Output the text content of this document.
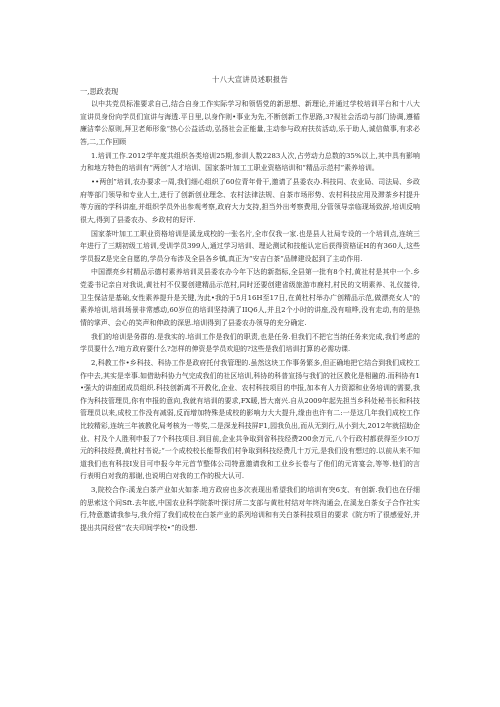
十八大宣讲员述职报告
一,思政表现

以中共党员标准要求自己,结合自身工作实际学习和领悟党的新思想、新理论,并通过学校培训平台和十八大宣讲员身份向学员们宣讲与海透.平日里,以身作则•事业为先,不断创新工作思路,3?视社会活动与部门协调,遵循廉洁奉公原则,拜卫老师形象“热心公益活动,弘扬社会正能量,主动参与政府扶贫活动,乐于助人,诚信做事,有求必答,二,工作回顾

1.培训工作.2012学年度共组织各类培训25期,参训人数2283人次,占劳动力总数的35%以上,其中具有影响力和地方特色的培训有“两创”人才培训、国家茶叶加工工职业资格培训和“精品示范村”素养培训。

••两创”培训,农办要求一周,我们细心组织了60位青年骨干,邀请了县委农办.科技同、农业局、司法局、乡政府等部门领导和专业人士,进行了创新创业理念、农村法律法规、自茶市场形势、农村科技应用及滞茶乡村提升等方面的学科讲座,并组织学员外出参观考察,政府大力支持,担当外出考察费用,分管领导亲临现场致辞,培训反响很大,得到了县委农办、乡政村的好评.

国家茶叶加工工职业资格培训是溪龙成校的一张名片,全市仅我一家.也是县人社局专设的一个培训点,连统三年进行了三期初级工培训,受训学员399人,通过学习培训、理论测试和技能认定后获得资格证H的有360人,这些学员报Z是完全自愿的,学员分布涉及全县各乡镇,真正为“安吉白茶”品牌建设起到了主动作用.

中国漂亮乡村精品示德村素养培训灵县委农办今年下达的新指标,全县第一批有8个村,黄社村是其中一个.乡党委书记亲自对我说,黄社村不仅要创建精品示范村,同时还要创建省级旅游市鹿村,村民的文明素养、礼仪接待,卫生保洁是基础,女性素养提升是关键,为此•我的于5月16H至17日,在黄杜村举办广创精品示范,做漂亮女人”的素养培训,培训场景非常感动,60岁位的培训坚持满了IIQ6人,并且2个小时的讲座,没有喧哗,没有走动,有的是热情的掌声、会心的笑声和伸政的深思.培训得到了县委农办领导的充分确定.

我们的培训是务群的.是我实的.培训工作是我们的职责,也是任务.但我们不把它当纳任务来完成,我们考虑的学员要什么?地方政府要什么?怎样的伸资是学员欢迎的?这些是我们培训打算的必需功课.

2,科教工作•乡科技、科协工作是政府托付我管理的.虽然这块工作事务繁多,但正确地把它结合到我们成校工作中去,其实是幸事.如借助科协力气完成我们的社区培训,科协的科普宣扬与我们的社区教化是相融的.而科协有1•强大的讲座团成员组织.科技创新离不开教化,企业、农村科技项目的申报,加本有人力资源和业务培训的需要,我作为科技管理员,你有申报的意向,我就有培训的要求,FX暖,皆大南兴.自从2009年起先担当乡科处秘书长和科技管理员以来,成校工作没有减弱,反而增加特殊是成校的影响力大大提升,缘由也许有二:一是这几年我们成校工作比较精彩,连统三年被教化局考核为一等奖,二是深龙科技屏F1,园我负出,而从无到行,从小到大,2012年就招助企业、村及个人胜利申报了7个科技项目.到目前,企业共争取到省科技经费200余万元,八个行政村都获得至少IO万元的科技经费,黄杜村书说;“一个成校校长能帮我们村争取到科技经费几十万元,是我们没有想过的.以前从来不知道我们也有科技I发目可申报今年元首节整体公司特意邀请我和工业乡长卷与了他们的元宵宴会,等等.他们的言行表明白对我的那谢,也说明白对我的工作的极大认可.

3,院校合作:溪龙白茶产业如火如茶.地方政府也多次表现出希望我们的培训有突6支、有创新.我们也在仔细的思索这个问Sft.去年底,中国农业科学院茶叶探讨所二支部与黄杜村结对年终沟通会,在溪龙白茶女子合作社实行,特意邀请我参与,我介绍了我们成校在白茶产业的系列培训和有关白茶科技项目的要求《院方听了很感爱好,并提出共同经营“农夫印间学校•”的设想.
